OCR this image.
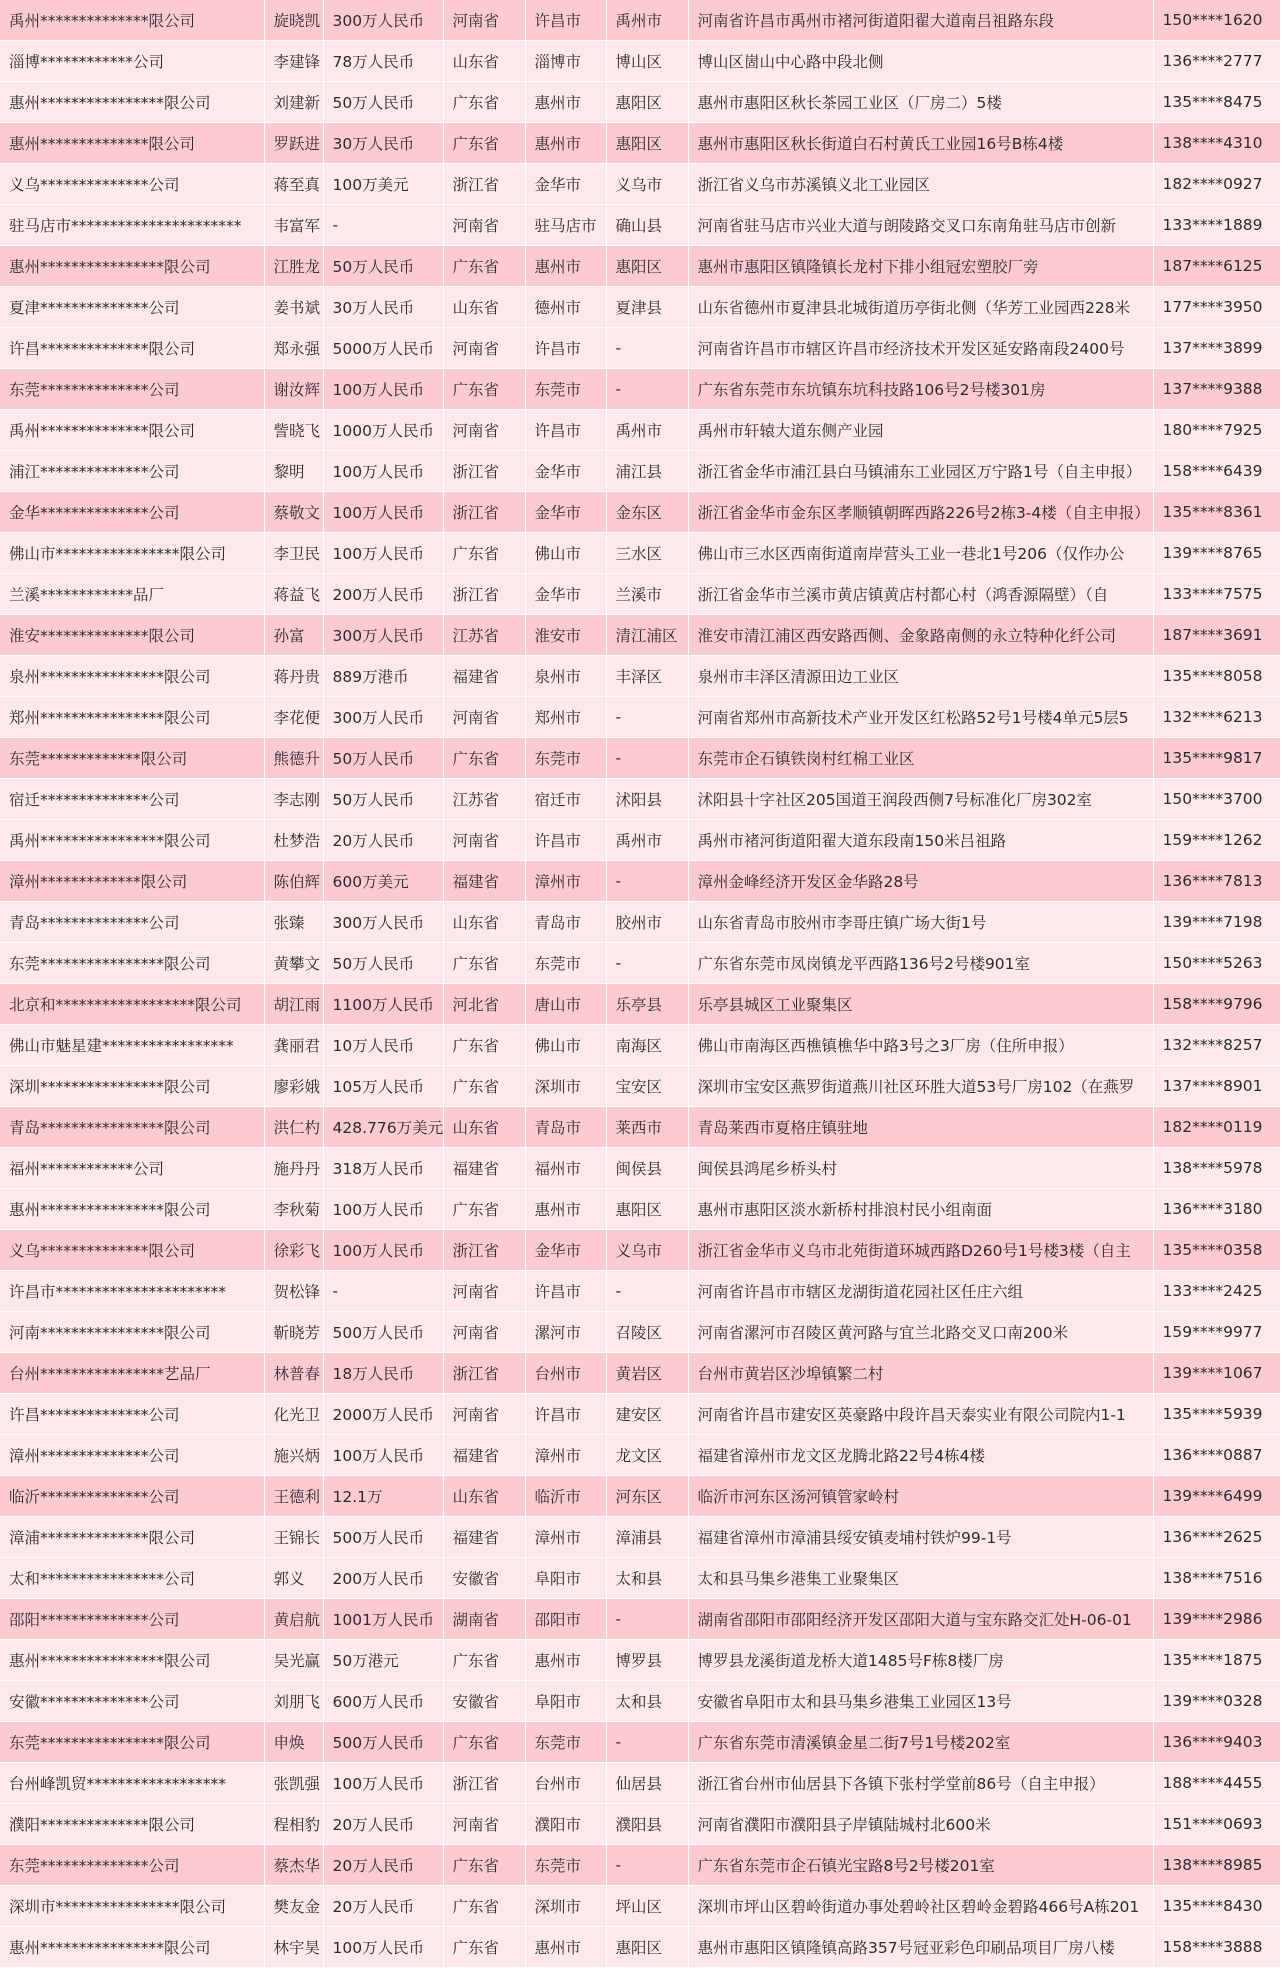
禹州**************限公司	旋晓凯	300万人民币	河南省	许昌市	禹州市	河南省许昌市禹州市褚河街道阳翟大道南吕祖路东段	150****1620
淄博************公司	李建锋	78万人民币	山东省	淄博市	博山区	博山区崮山中心路中段北侧	136****2777
惠州****************限公司	刘建新	50万人民币	广东省	惠州市	惠阳区	惠州市惠阳区秋长茶园工业区（厂房二）5楼	135****8475
惠州**************限公司	罗跃进	30万人民币	广东省	惠州市	惠阳区	惠州市惠阳区秋长街道白石村黄氏工业园16号B栋4楼	138****4310
义乌**************公司	蒋至真	100万美元	浙江省	金华市	义乌市	浙江省义乌市苏溪镇义北工业园区	182****0927
驻马店市**********************	韦富军	-	河南省	驻马店市	确山县	河南省驻马店市兴业大道与朗陵路交叉口东南角驻马店市创新	133****1889
惠州****************限公司	江胜龙	50万人民币	广东省	惠州市	惠阳区	惠州市惠阳区镇隆镇长龙村下排小组冠宏塑胶厂旁	187****6125
夏津**************公司	姜书斌	30万人民币	山东省	德州市	夏津县	山东省德州市夏津县北城街道历亭街北侧（华芳工业园西228米	177****3950
许昌**************限公司	郑永强	5000万人民币	河南省	许昌市	-	河南省许昌市市辖区许昌市经济技术开发区延安路南段2400号	137****3899
东莞**************公司	谢汝辉	100万人民币	广东省	东莞市	-	广东省东莞市东坑镇东坑科技路106号2号楼301房	137****9388
禹州**************限公司	訾晓飞	1000万人民币	河南省	许昌市	禹州市	禹州市轩辕大道东侧产业园	180****7925
浦江**************公司	黎明	100万人民币	浙江省	金华市	浦江县	浙江省金华市浦江县白马镇浦东工业园区万宁路1号（自主申报）	158****6439
金华**************公司	蔡敬文	100万人民币	浙江省	金华市	金东区	浙江省金华市金东区孝顺镇朝晖西路226号2栋3-4楼（自主申报）	135****8361
佛山市****************限公司	李卫民	100万人民币	广东省	佛山市	三水区	佛山市三水区西南街道南岸营头工业一巷北1号206（仅作办公	139****8765
兰溪************品厂	蒋益飞	200万人民币	浙江省	金华市	兰溪市	浙江省金华市兰溪市黄店镇黄店村都心村（鸿香源隔壁）（自	133****7575
淮安**************限公司	孙富	300万人民币	江苏省	淮安市	清江浦区	淮安市清江浦区西安路西侧、金象路南侧的永立特种化纤公司	187****3691
泉州****************限公司	蒋丹贵	889万港币	福建省	泉州市	丰泽区	泉州市丰泽区清源田边工业区	135****8058
郑州****************限公司	李花便	300万人民币	河南省	郑州市	-	河南省郑州市高新技术产业开发区红松路52号1号楼4单元5层5	132****6213
东莞*************限公司	熊德升	50万人民币	广东省	东莞市	-	东莞市企石镇铁岗村红棉工业区	135****9817
宿迁**************公司	李志刚	50万人民币	江苏省	宿迁市	沭阳县	沭阳县十字社区205国道王润段西侧7号标准化厂房302室	150****3700
禹州****************限公司	杜梦浩	20万人民币	河南省	许昌市	禹州市	禹州市褚河街道阳翟大道东段南150米吕祖路	159****1262
漳州*************限公司	陈伯辉	600万美元	福建省	漳州市	-	漳州金峰经济开发区金华路28号	136****7813
青岛**************公司	张臻	300万人民币	山东省	青岛市	胶州市	山东省青岛市胶州市李哥庄镇广场大街1号	139****7198
东莞****************限公司	黄攀文	50万人民币	广东省	东莞市	-	广东省东莞市凤岗镇龙平西路136号2号楼901室	150****5263
北京和******************限公司	胡江雨	1100万人民币	河北省	唐山市	乐亭县	乐亭县城区工业聚集区	158****9796
佛山市魅星建*****************	龚丽君	10万人民币	广东省	佛山市	南海区	佛山市南海区西樵镇樵华中路3号之3厂房（住所申报）	132****8257
深圳****************限公司	廖彩娥	105万人民币	广东省	深圳市	宝安区	深圳市宝安区燕罗街道燕川社区环胜大道53号厂房102（在燕罗	137****8901
青岛****************限公司	洪仁杓	428.776万美元	山东省	青岛市	莱西市	青岛莱西市夏格庄镇驻地	182****0119
福州************公司	施丹丹	318万人民币	福建省	福州市	闽侯县	闽侯县鸿尾乡桥头村	138****5978
惠州****************限公司	李秋菊	100万人民币	广东省	惠州市	惠阳区	惠州市惠阳区淡水新桥村排浪村民小组南面	136****3180
义乌**************限公司	徐彩飞	100万人民币	浙江省	金华市	义乌市	浙江省金华市义乌市北苑街道环城西路D260号1号楼3楼（自主	135****0358
许昌市**********************	贺松锋	-	河南省	许昌市	-	河南省许昌市市辖区龙湖街道花园社区任庄六组	133****2425
河南****************限公司	靳晓芳	500万人民币	河南省	漯河市	召陵区	河南省漯河市召陵区黄河路与宜兰北路交叉口南200米	159****9977
台州****************艺品厂	林普春	18万人民币	浙江省	台州市	黄岩区	台州市黄岩区沙埠镇繁二村	139****1067
许昌**************公司	化光卫	2000万人民币	河南省	许昌市	建安区	河南省许昌市建安区英豪路中段许昌天泰实业有限公司院内1-1	135****5939
漳州**************公司	施兴炳	100万人民币	福建省	漳州市	龙文区	福建省漳州市龙文区龙腾北路22号4栋4楼	136****0887
临沂**************公司	王德利	12.1万	山东省	临沂市	河东区	临沂市河东区汤河镇管家岭村	139****6499
漳浦**************限公司	王锦长	500万人民币	福建省	漳州市	漳浦县	福建省漳州市漳浦县绥安镇麦埔村铁炉99-1号	136****2625
太和****************公司	郭义	200万人民币	安徽省	阜阳市	太和县	太和县马集乡港集工业聚集区	138****7516
邵阳**************公司	黄启航	1001万人民币	湖南省	邵阳市	-	湖南省邵阳市邵阳经济开发区邵阳大道与宝东路交汇处H-06-01	139****2986
惠州****************限公司	吴光赢	50万港元	广东省	惠州市	博罗县	博罗县龙溪街道龙桥大道1485号F栋8楼厂房	135****1875
安徽**************公司	刘朋飞	600万人民币	安徽省	阜阳市	太和县	安徽省阜阳市太和县马集乡港集工业园区13号	139****0328
东莞****************限公司	申焕	500万人民币	广东省	东莞市	-	广东省东莞市清溪镇金星二街7号1号楼202室	136****9403
台州峰凯贸******************	张凯强	100万人民币	浙江省	台州市	仙居县	浙江省台州市仙居县下各镇下张村学堂前86号（自主申报）	188****4455
濮阳**************限公司	程相豹	20万人民币	河南省	濮阳市	濮阳县	河南省濮阳市濮阳县子岸镇陆城村北600米	151****0693
东莞**************公司	蔡杰华	20万人民币	广东省	东莞市	-	广东省东莞市企石镇光宝路8号2号楼201室	138****8985
深圳市****************限公司	樊友金	20万人民币	广东省	深圳市	坪山区	深圳市坪山区碧岭街道办事处碧岭社区碧岭金碧路466号A栋201	135****8430
惠州****************限公司	林宇昊	100万人民币	广东省	惠州市	惠阳区	惠州市惠阳区镇隆镇高路357号冠亚彩色印刷品项目厂房八楼	158****3888
